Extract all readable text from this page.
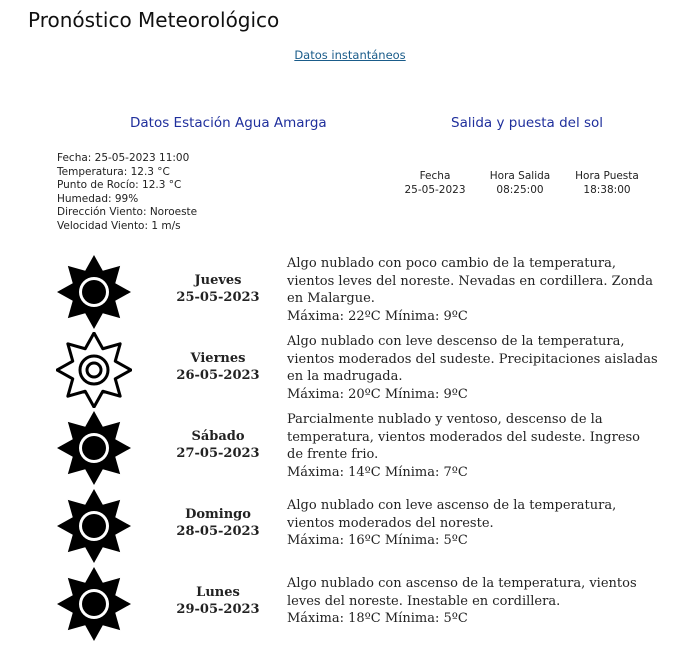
Pronóstico Meteorológico
Datos instantáneos
Datos Estación Agua Amarga	Salida y puesta del sol
Fecha: 25-05-2023 11:00
Temperatura: 12.3 °C
Punto de Rocío: 12.3 °C
Humedad: 99%
Dirección Viento: Noroeste
Velocidad Viento: 1 m/s
Fecha
25-05-2023
Hora Salida
08:25:00
Hora Puesta
18:38:00
Jueves
25-05-2023
Algo nublado con poco cambio de la temperatura, vientos leves del noreste. Nevadas en cordillera. Zonda en Malargue.
Máxima: 22ºC Mínima: 9ºC
Viernes
26-05-2023
Algo nublado con leve descenso de la temperatura, vientos moderados del sudeste. Precipitaciones aisladas en la madrugada.
Máxima: 20ºC Mínima: 9ºC
Sábado
27-05-2023
Parcialmente nublado y ventoso, descenso de la temperatura, vientos moderados del sudeste. Ingreso de frente frio.
Máxima: 14ºC Mínima: 7ºC
Domingo
28-05-2023
Algo nublado con leve ascenso de la temperatura, vientos moderados del noreste.
Máxima: 16ºC Mínima: 5ºC
Lunes
29-05-2023
Algo nublado con ascenso de la temperatura, vientos leves del noreste. Inestable en cordillera.
Máxima: 18ºC Mínima: 5ºC
